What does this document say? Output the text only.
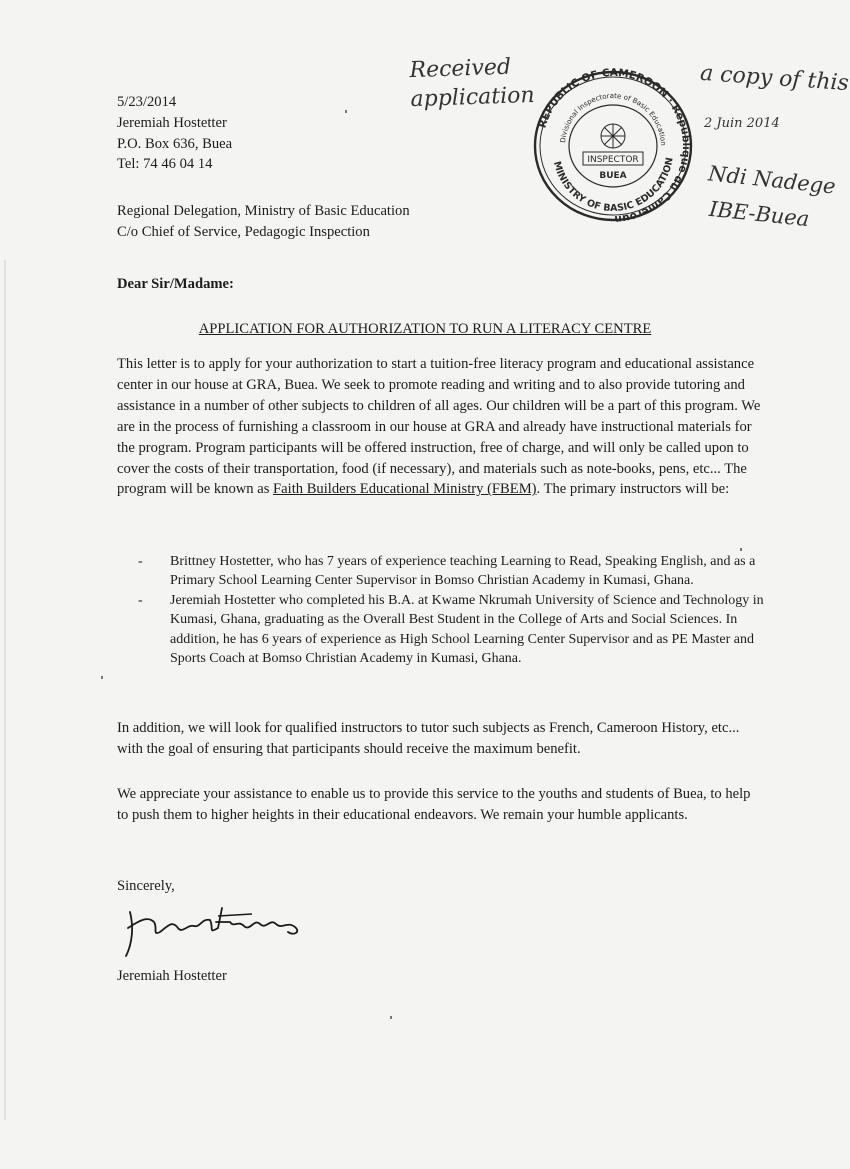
5/23/2014
Jeremiah Hostetter
P.O. Box 636, Buea
Tel: 74 46 04 14
Received
application
a copy of this
2 Juin 2014
Ndi Nadege
IBE-Buea
REPUBLIC OF CAMEROON · République du Cameroun ·
MINISTRY OF BASIC EDUCATION
Divisional Inspectorate of Basic Education
INSPECTOR
BUEA
Regional Delegation, Ministry of Basic Education
C/o Chief of Service, Pedagogic Inspection
Dear Sir/Madame:
APPLICATION FOR AUTHORIZATION TO RUN A LITERACY CENTRE

This letter is to apply for your authorization to start a tuition-free literacy program and educational assistance center in our house at GRA, Buea. We seek to promote reading and writing and to also provide tutoring and assistance in a number of other subjects to children of all ages. Our children will be a part of this program. We are in the process of furnishing a classroom in our house at GRA and already have instructional materials for the program. Program participants will be offered instruction, free of charge, and will only be called upon to cover the costs of their transportation, food (if necessary), and materials such as note-books, pens, etc... The program will be known as Faith Builders Educational Ministry (FBEM). The primary instructors will be:

- Brittney Hostetter, who has 7 years of experience teaching Learning to Read, Speaking English, and as a Primary School Learning Center Supervisor in Bomso Christian Academy in Kumasi, Ghana.
- Jeremiah Hostetter who completed his B.A. at Kwame Nkrumah University of Science and Technology in Kumasi, Ghana, graduating as the Overall Best Student in the College of Arts and Social Sciences. In addition, he has 6 years of experience as High School Learning Center Supervisor and as PE Master and Sports Coach at Bomso Christian Academy in Kumasi, Ghana.

In addition, we will look for qualified instructors to tutor such subjects as French, Cameroon History, etc... with the goal of ensuring that participants should receive the maximum benefit.

We appreciate your assistance to enable us to provide this service to the youths and students of Buea, to help to push them to higher heights in their educational endeavors. We remain your humble applicants.

Sincerely,
Jeremiah Hostetter
